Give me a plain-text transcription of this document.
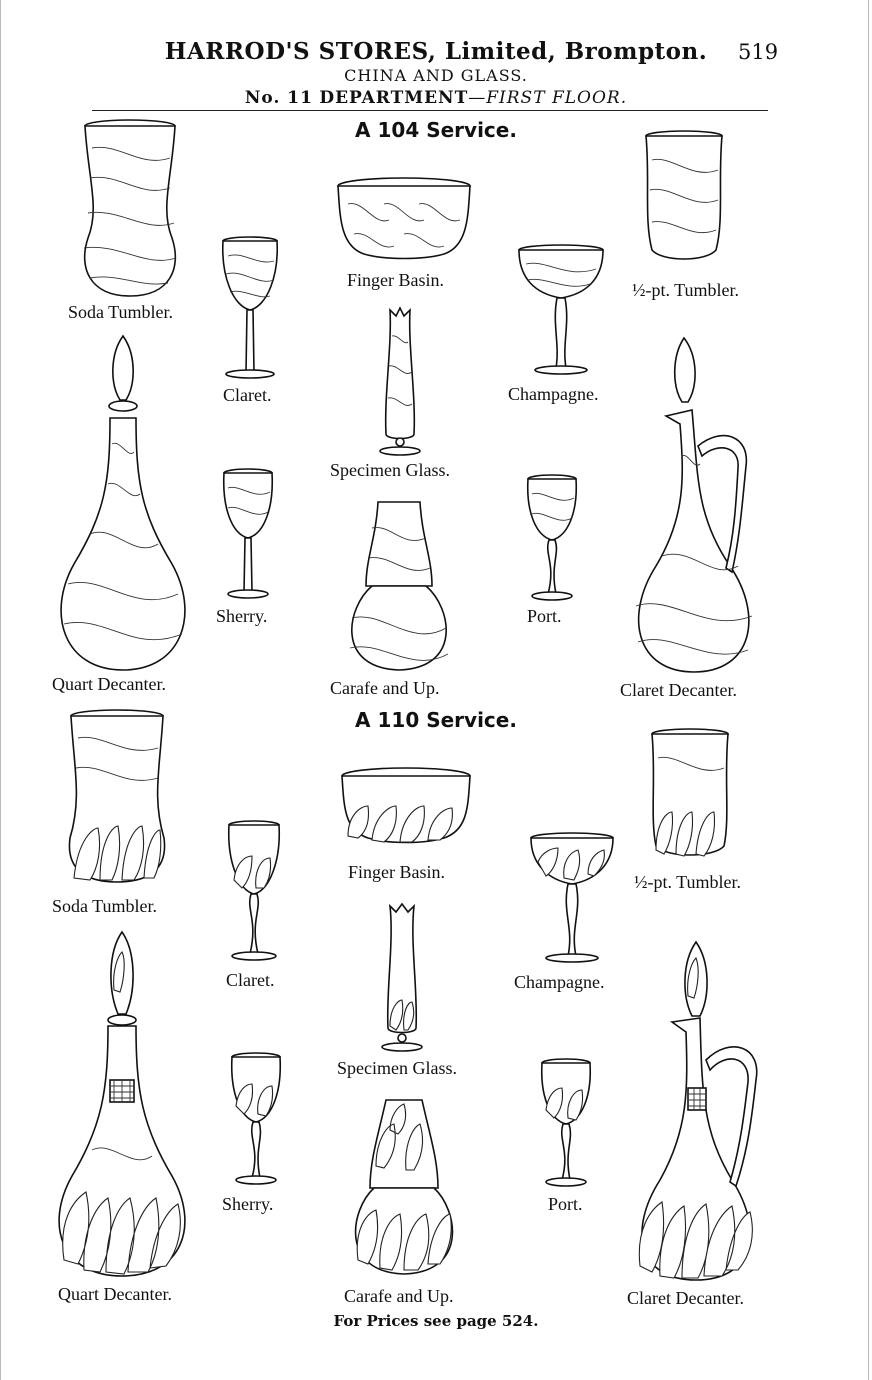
HARROD'S STORES, Limited, Brompton.	519
CHINA AND GLASS.
No. 11 DEPARTMENT—FIRST FLOOR.
A 104 Service.
Soda Tumbler.
Claret.
Finger Basin.
Champagne.
½-pt. Tumbler.
Specimen Glass.
Sherry.	Port.
Quart Decanter.	Carafe and Up.	Claret Decanter.
A 110 Service.
Soda Tumbler.
Claret.
Finger Basin.
Champagne.
½-pt. Tumbler.
Specimen Glass.
Sherry.	Port.
Quart Decanter.	Carafe and Up.	Claret Decanter.
For Prices see page 524.
